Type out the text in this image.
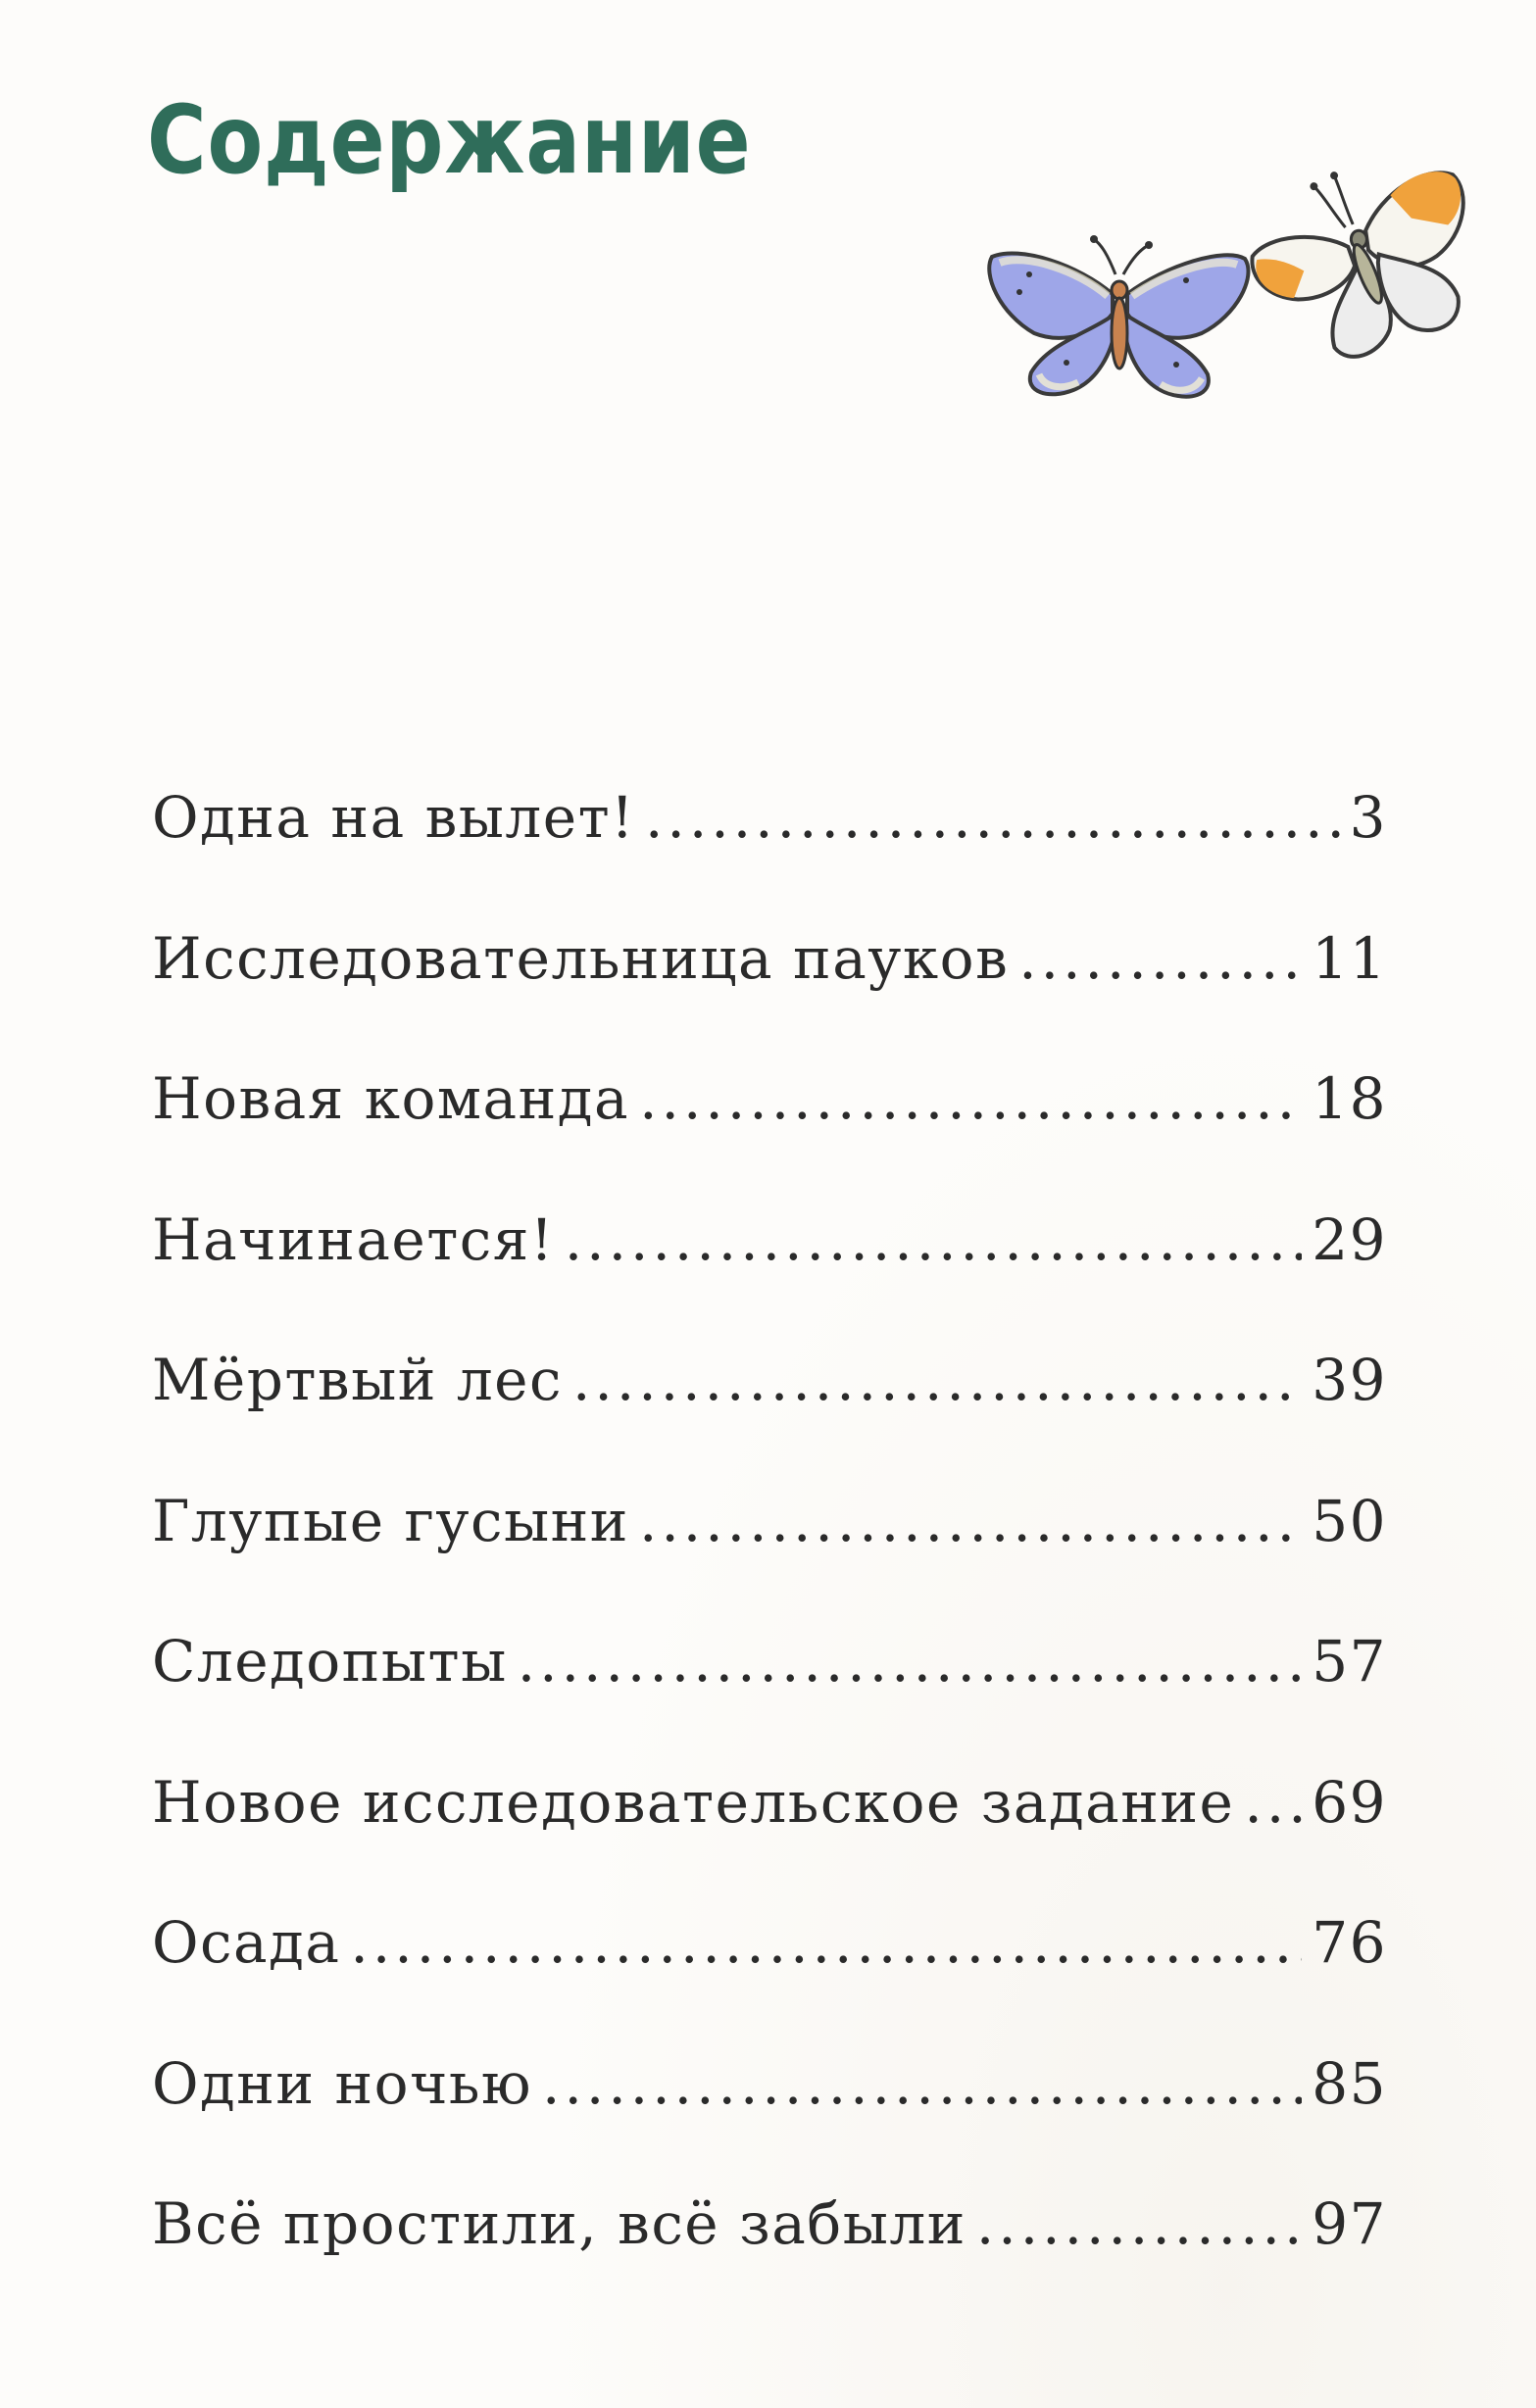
Содержание
Одна на вылет! .....	3
Исследовательница пауков .....	11
Новая команда .....	18
Начинается! .....	29
Мёртвый лес .....	39
Глупые гусыни .....	50
Следопыты .....	57
Новое исследовательское задание ..... 69
Осада .....	76
Одни ночью .....	85
Всё простили, всё забыли .....	97
